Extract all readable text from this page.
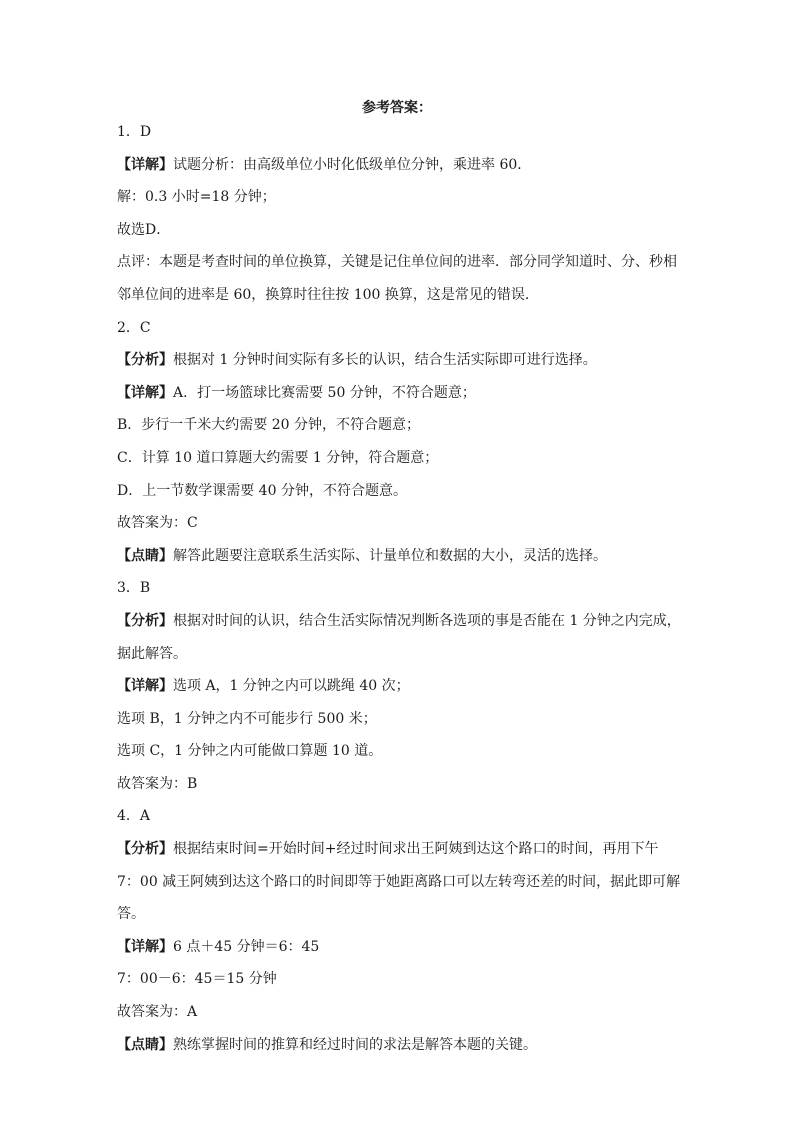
参考答案：
1．D
【详解】试题分析：由高级单位小时化低级单位分钟，乘进率 60．
解：0.3 小时=18 分钟；
故选D．
点评：本题是考查时间的单位换算，关键是记住单位间的进率．部分同学知道时、分、秒相
邻单位间的进率是 60，换算时往往按 100 换算，这是常见的错误．
2．C
【分析】根据对 1 分钟时间实际有多长的认识，结合生活实际即可进行选择。
【详解】A．打一场篮球比赛需要 50 分钟，不符合题意；
B．步行一千米大约需要 20 分钟，不符合题意；
C．计算 10 道口算题大约需要 1 分钟，符合题意；
D．上一节数学课需要 40 分钟，不符合题意。
故答案为：C
【点睛】解答此题要注意联系生活实际、计量单位和数据的大小，灵活的选择。
3．B
【分析】根据对时间的认识，结合生活实际情况判断各选项的事是否能在 1 分钟之内完成，
据此解答。
【详解】选项 A，1 分钟之内可以跳绳 40 次；
选项 B，1 分钟之内不可能步行 500 米；
选项 C，1 分钟之内可能做口算题 10 道。
故答案为：B
4．A
【分析】根据结束时间=开始时间+经过时间求出王阿姨到达这个路口的时间，再用下午
7：00 减王阿姨到达这个路口的时间即等于她距离路口可以左转弯还差的时间，据此即可解
答。
【详解】6 点＋45 分钟＝6：45
7：00－6：45＝15 分钟
故答案为：A
【点睛】熟练掌握时间的推算和经过时间的求法是解答本题的关键。
